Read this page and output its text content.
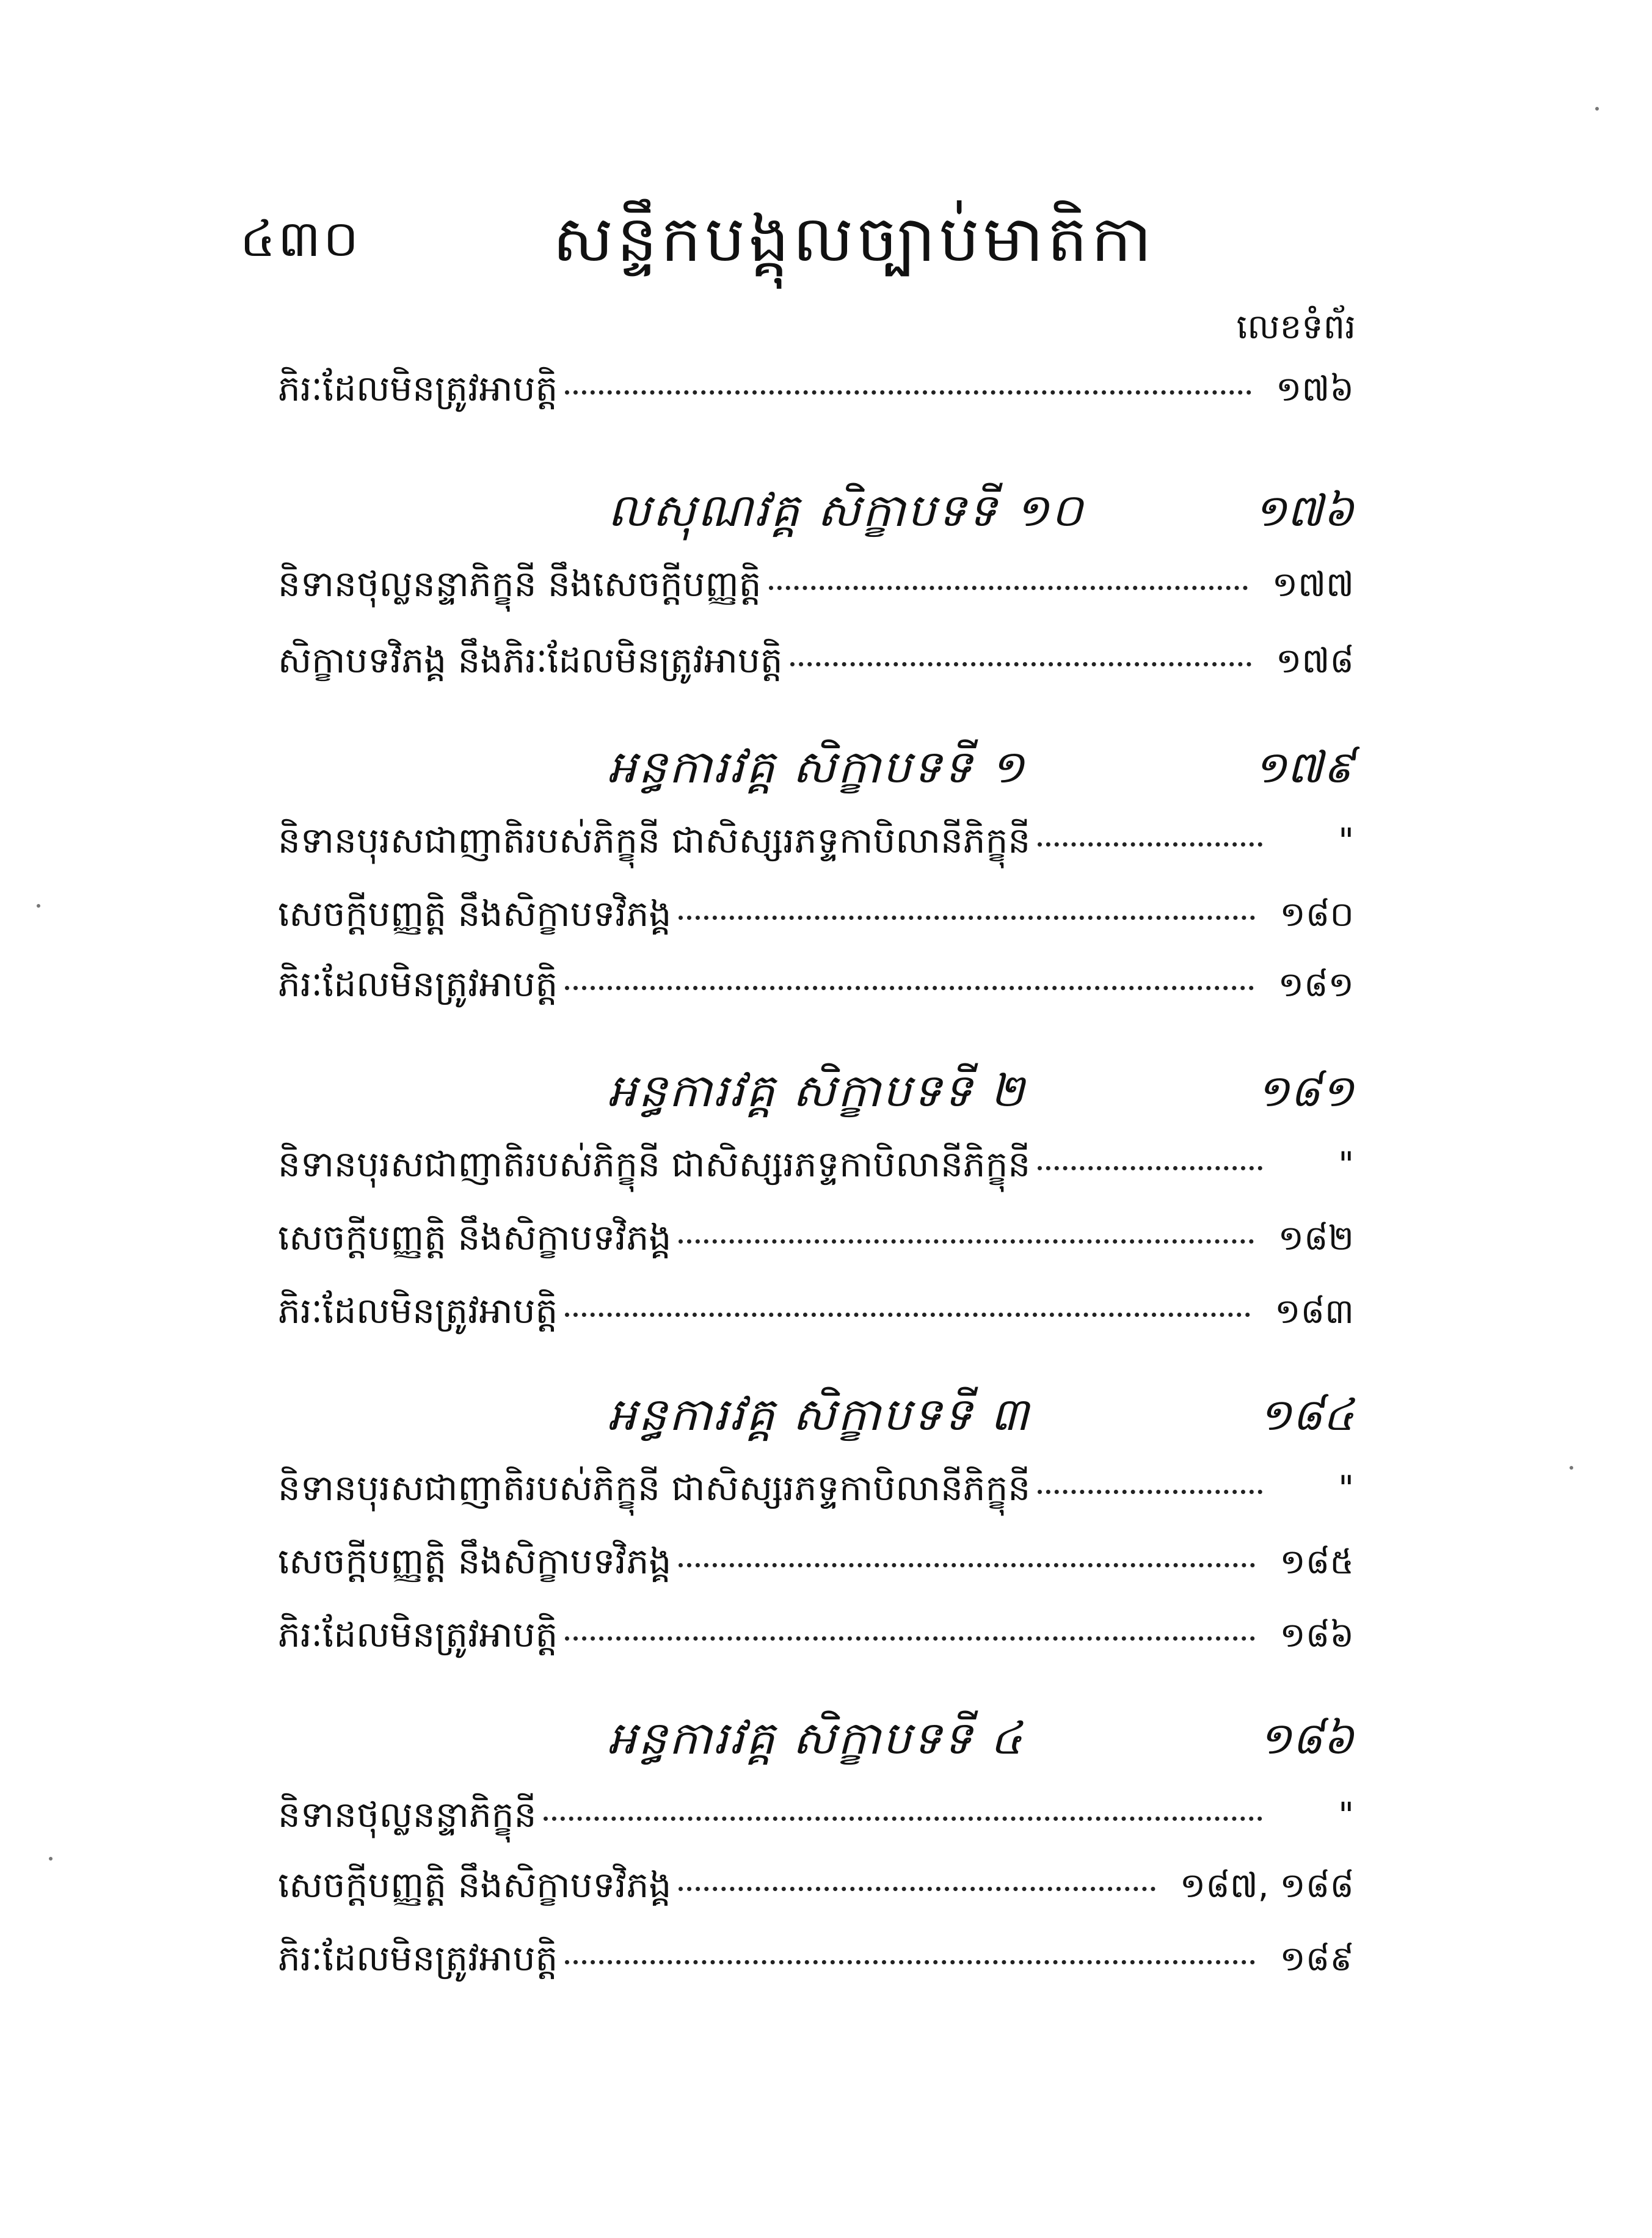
៤៣០	សន្ទឹកបង្គុលច្បាប់មាតិកា
លេខទំព័រ
ភិរៈដែលមិនត្រូវអាបត្តិ	១៧៦
លសុណវគ្គ សិក្ខាបទទី ១០	១៧៦
និទានថុល្លនន្ទាភិក្ខុនី នឹងសេចក្ដីបញ្ញត្តិ	១៧៧
សិក្ខាបទវិភង្គ នឹងភិរៈដែលមិនត្រូវអាបត្តិ	១៧៨
អន្ធការវគ្គ សិក្ខាបទទី ១	១៧៩
និទានបុរសជាញាតិរបស់ភិក្ខុនី ជាសិស្សរភទ្ទកាបិលានីភិក្ខុនី	"
សេចក្ដីបញ្ញត្តិ នឹងសិក្ខាបទវិភង្គ	១៨០
ភិរៈដែលមិនត្រូវអាបត្តិ	១៨១
អន្ធការវគ្គ សិក្ខាបទទី ២	១៨១
និទានបុរសជាញាតិរបស់ភិក្ខុនី ជាសិស្សរភទ្ទកាបិលានីភិក្ខុនី	"
សេចក្ដីបញ្ញត្តិ នឹងសិក្ខាបទវិភង្គ	១៨២
ភិរៈដែលមិនត្រូវអាបត្តិ	១៨៣
អន្ធការវគ្គ សិក្ខាបទទី ៣	១៨៤
និទានបុរសជាញាតិរបស់ភិក្ខុនី ជាសិស្សរភទ្ទកាបិលានីភិក្ខុនី	"
សេចក្ដីបញ្ញត្តិ នឹងសិក្ខាបទវិភង្គ	១៨៥
ភិរៈដែលមិនត្រូវអាបត្តិ	១៨៦
អន្ធការវគ្គ សិក្ខាបទទី ៤	១៨៦
និទានថុល្លនន្ទាភិក្ខុនី	"
សេចក្ដីបញ្ញត្តិ នឹងសិក្ខាបទវិភង្គ	១៨៧, ១៨៨
ភិរៈដែលមិនត្រូវអាបត្តិ	១៨៩
